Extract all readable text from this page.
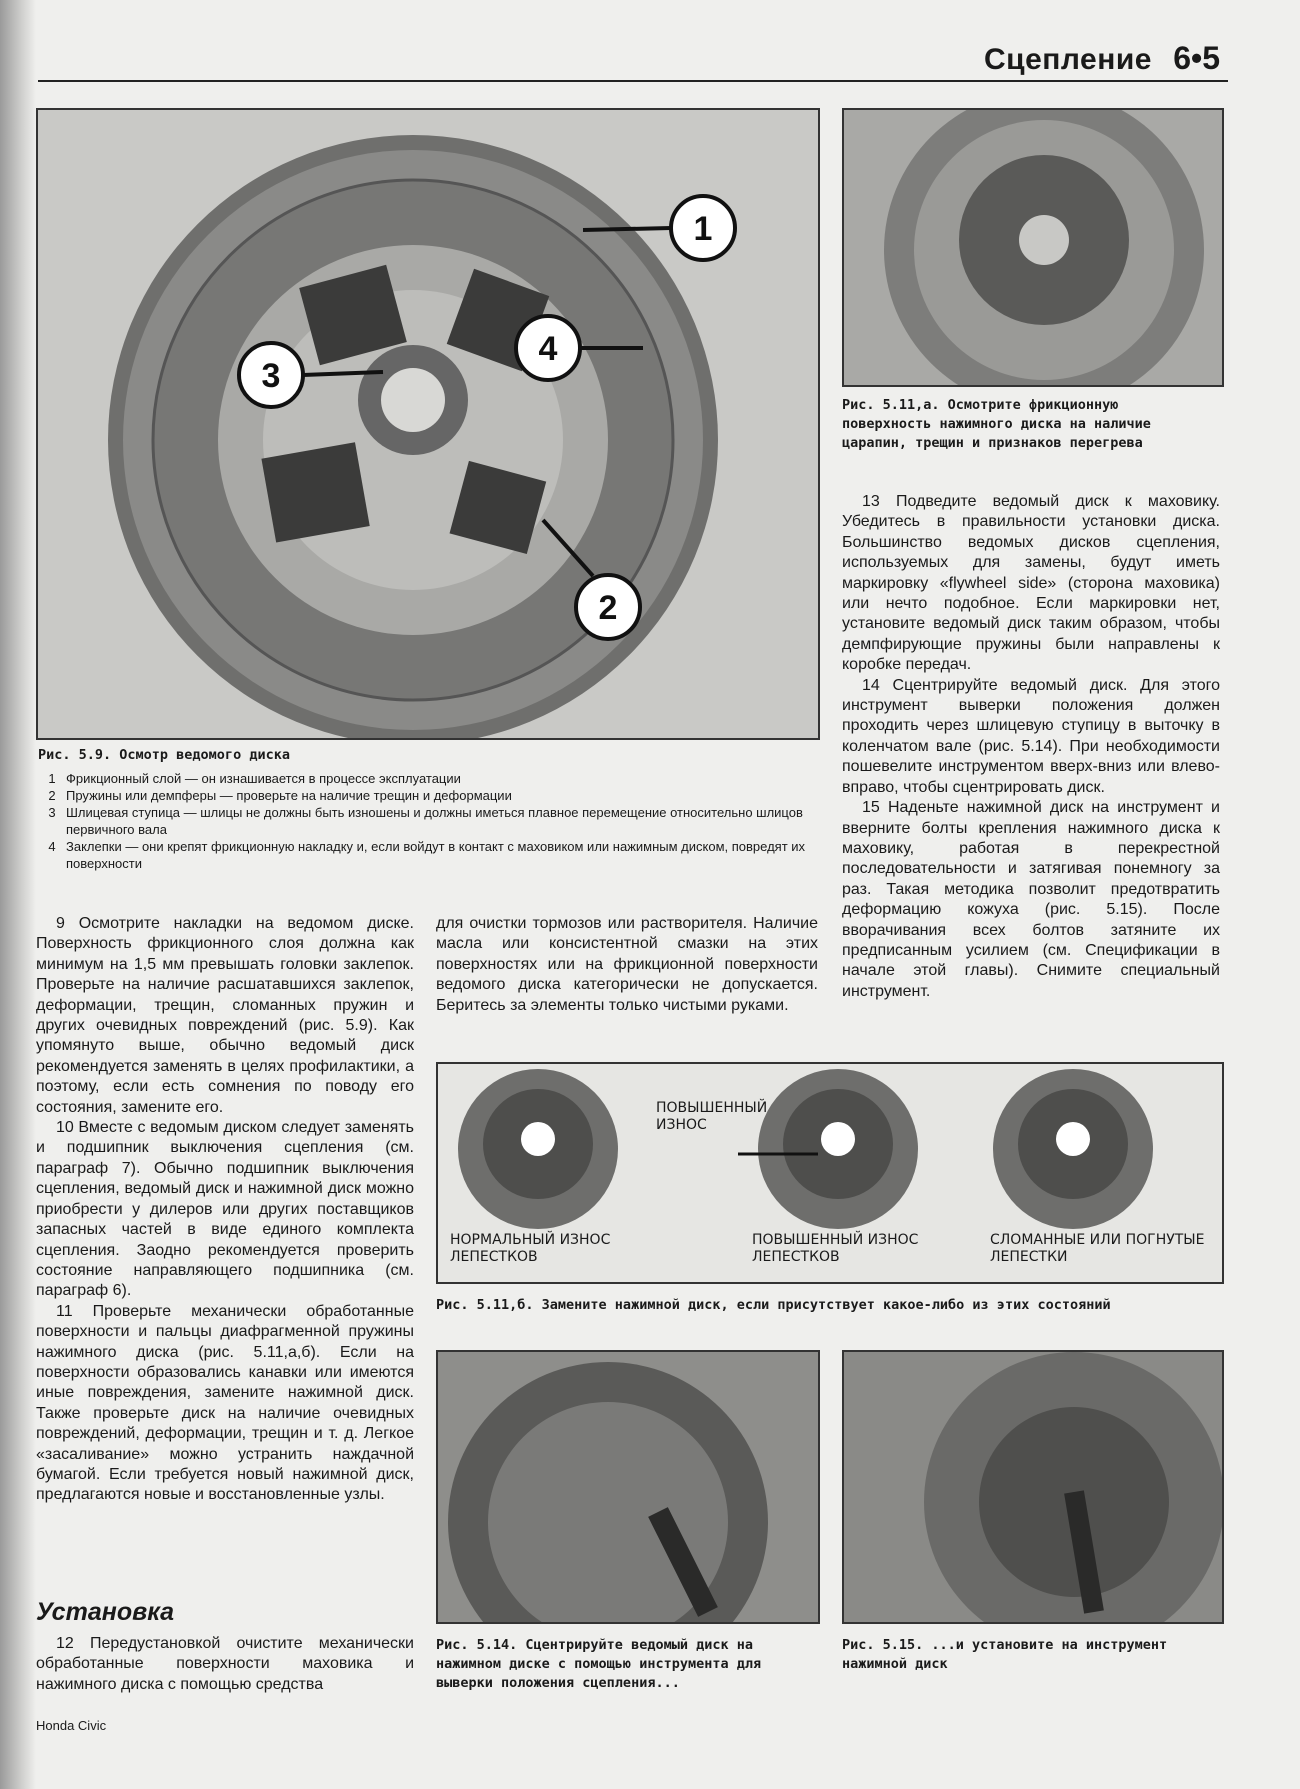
Сцепление 6•5
1
2
3
4
Рис. 5.9. Осмотр ведомого диска
1 Фрикционный слой — он изнашивается в процессе эксплуатации
2 Пружины или демпферы — проверьте на наличие трещин и деформации
3 Шлицевая ступица — шлицы не должны быть изношены и должны иметься плавное перемещение относительно шлицов первичного вала
4 Заклепки — они крепят фрикционную накладку и, если войдут в контакт с маховиком или нажимным диском, повредят их поверхности
Рис. 5.11,а. Осмотрите фрикционную поверхность нажимного диска на наличие царапин, трещин и признаков перегрева

13 Подведите ведомый диск к маховику. Убедитесь в правильности установки диска. Большинство ведомых дисков сцепления, используемых для замены, будут иметь маркировку «flywheel side» (сторона маховика) или нечто подобное. Если маркировки нет, установите ведомый диск таким образом, чтобы демпфирующие пружины были направлены к коробке передач.

14 Сцентрируйте ведомый диск. Для этого инструмент выверки положения должен проходить через шлицевую ступицу в выточку в коленчатом вале (рис. 5.14). При необходимости пошевелите инструментом вверх-вниз или влево-вправо, чтобы сцентрировать диск.

15 Наденьте нажимной диск на инструмент и вверните болты крепления нажимного диска к маховику, работая в перекрестной последовательности и затягивая понемногу за раз. Такая методика позволит предотвратить деформацию кожуха (рис. 5.15). После вворачивания всех болтов затяните их предписанным усилием (см. Спецификации в начале этой главы). Снимите специальный инструмент.

9 Осмотрите накладки на ведомом диске. Поверхность фрикционного слоя должна как минимум на 1,5 мм превышать головки заклепок. Проверьте на наличие расшатавшихся заклепок, деформации, трещин, сломанных пружин и других очевидных повреждений (рис. 5.9). Как упомянуто выше, обычно ведомый диск рекомендуется заменять в целях профилактики, а поэтому, если есть сомнения по поводу его состояния, замените его.

10 Вместе с ведомым диском следует заменять и подшипник выключения сцепления (см. параграф 7). Обычно подшипник выключения сцепления, ведомый диск и нажимной диск можно приобрести у дилеров или других поставщиков запасных частей в виде единого комплекта сцепления. Заодно рекомендуется проверить состояние направляющего подшипника (см. параграф 6).

11 Проверьте механически обработанные поверхности и пальцы диафрагменной пружины нажимного диска (рис. 5.11,а,б). Если на поверхности образовались канавки или имеются иные повреждения, замените нажимной диск. Также проверьте диск на наличие очевидных повреждений, деформации, трещин и т. д. Легкое «засаливание» можно устранить наждачной бумагой. Если требуется новый нажимной диск, предлагаются новые и восстановленные узлы.

Установка

12 Передустановкой очистите механически обработанные поверхности маховика и нажимного диска с помощью средства

для очистки тормозов или растворителя. Наличие масла или консистентной смазки на этих поверхностях или на фрикционной поверхности ведомого диска категорически не допускается. Беритесь за элементы только чистыми руками.

ПОВЫШЕННЫЙ ИЗНОС
НОРМАЛЬНЫЙ ИЗНОС ЛЕПЕСТКОВ
ПОВЫШЕННЫЙ ИЗНОС ЛЕПЕСТКОВ
СЛОМАННЫЕ ИЛИ ПОГНУТЫЕ ЛЕПЕСТКИ
Рис. 5.11,б. Замените нажимной диск, если присутствует какое-либо из этих состояний
Рис. 5.14. Сцентрируйте ведомый диск на нажимном диске с помощью инструмента для выверки положения сцепления...
Рис. 5.15. ...и установите на инструмент нажимной диск
Honda Civic
